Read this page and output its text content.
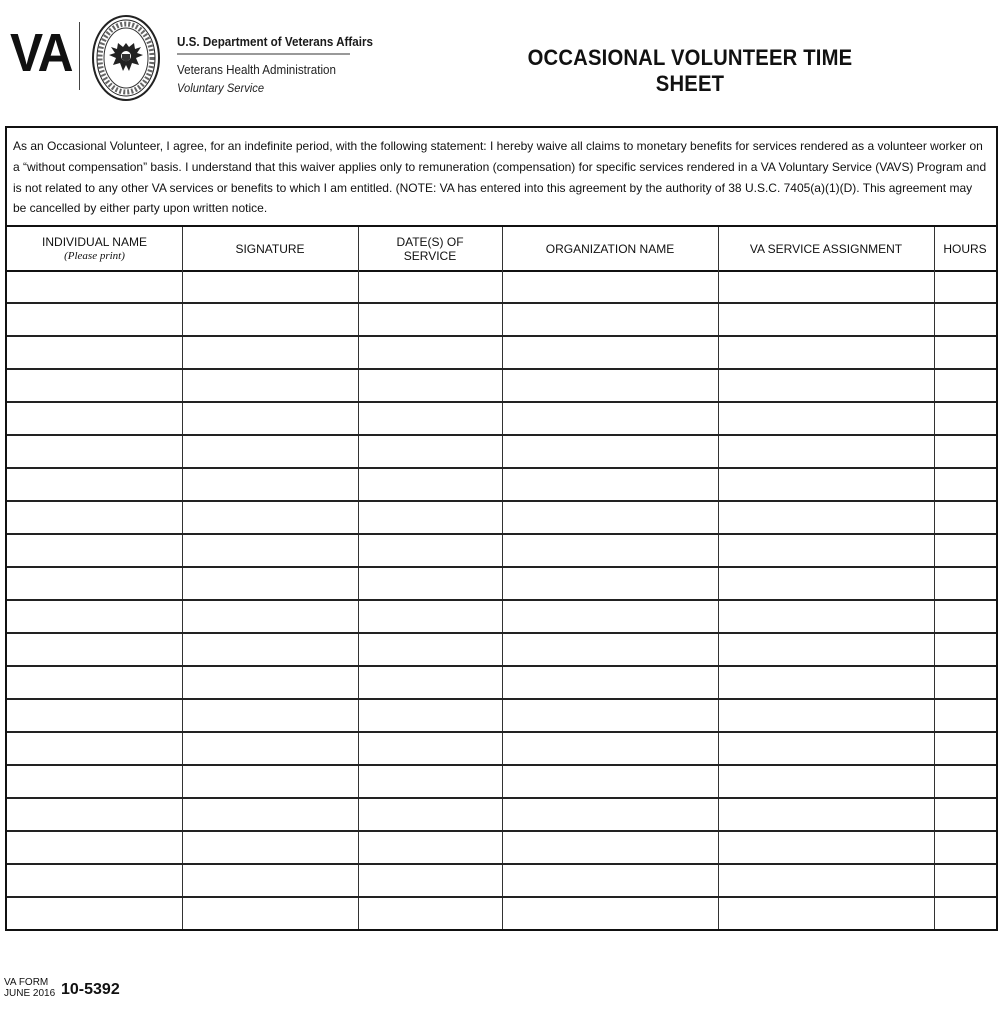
VA	U.S. Department of Veterans Affairs
Veterans Health Administration
Voluntary Service
OCCASIONAL VOLUNTEER TIME SHEET
As an Occasional Volunteer, I agree, for an indefinite period, with the following statement: I hereby waive all claims to monetary benefits for services rendered as a volunteer worker on a “without compensation” basis. I understand that this waiver applies only to remuneration (compensation) for specific services rendered in a VA Voluntary Service (VAVS) Program and is not related to any other VA services or benefits to which I am entitled. (NOTE: VA has entered into this agreement by the authority of 38 U.S.C. 7405(a)(1)(D). This agreement may be cancelled by either party upon written notice.
INDIVIDUAL NAME
(Please print)	SIGNATURE	DATE(S) OF SERVICE	ORGANIZATION NAME	VA SERVICE ASSIGNMENT	HOURS
VA FORM
JUNE 2016 10-5392
